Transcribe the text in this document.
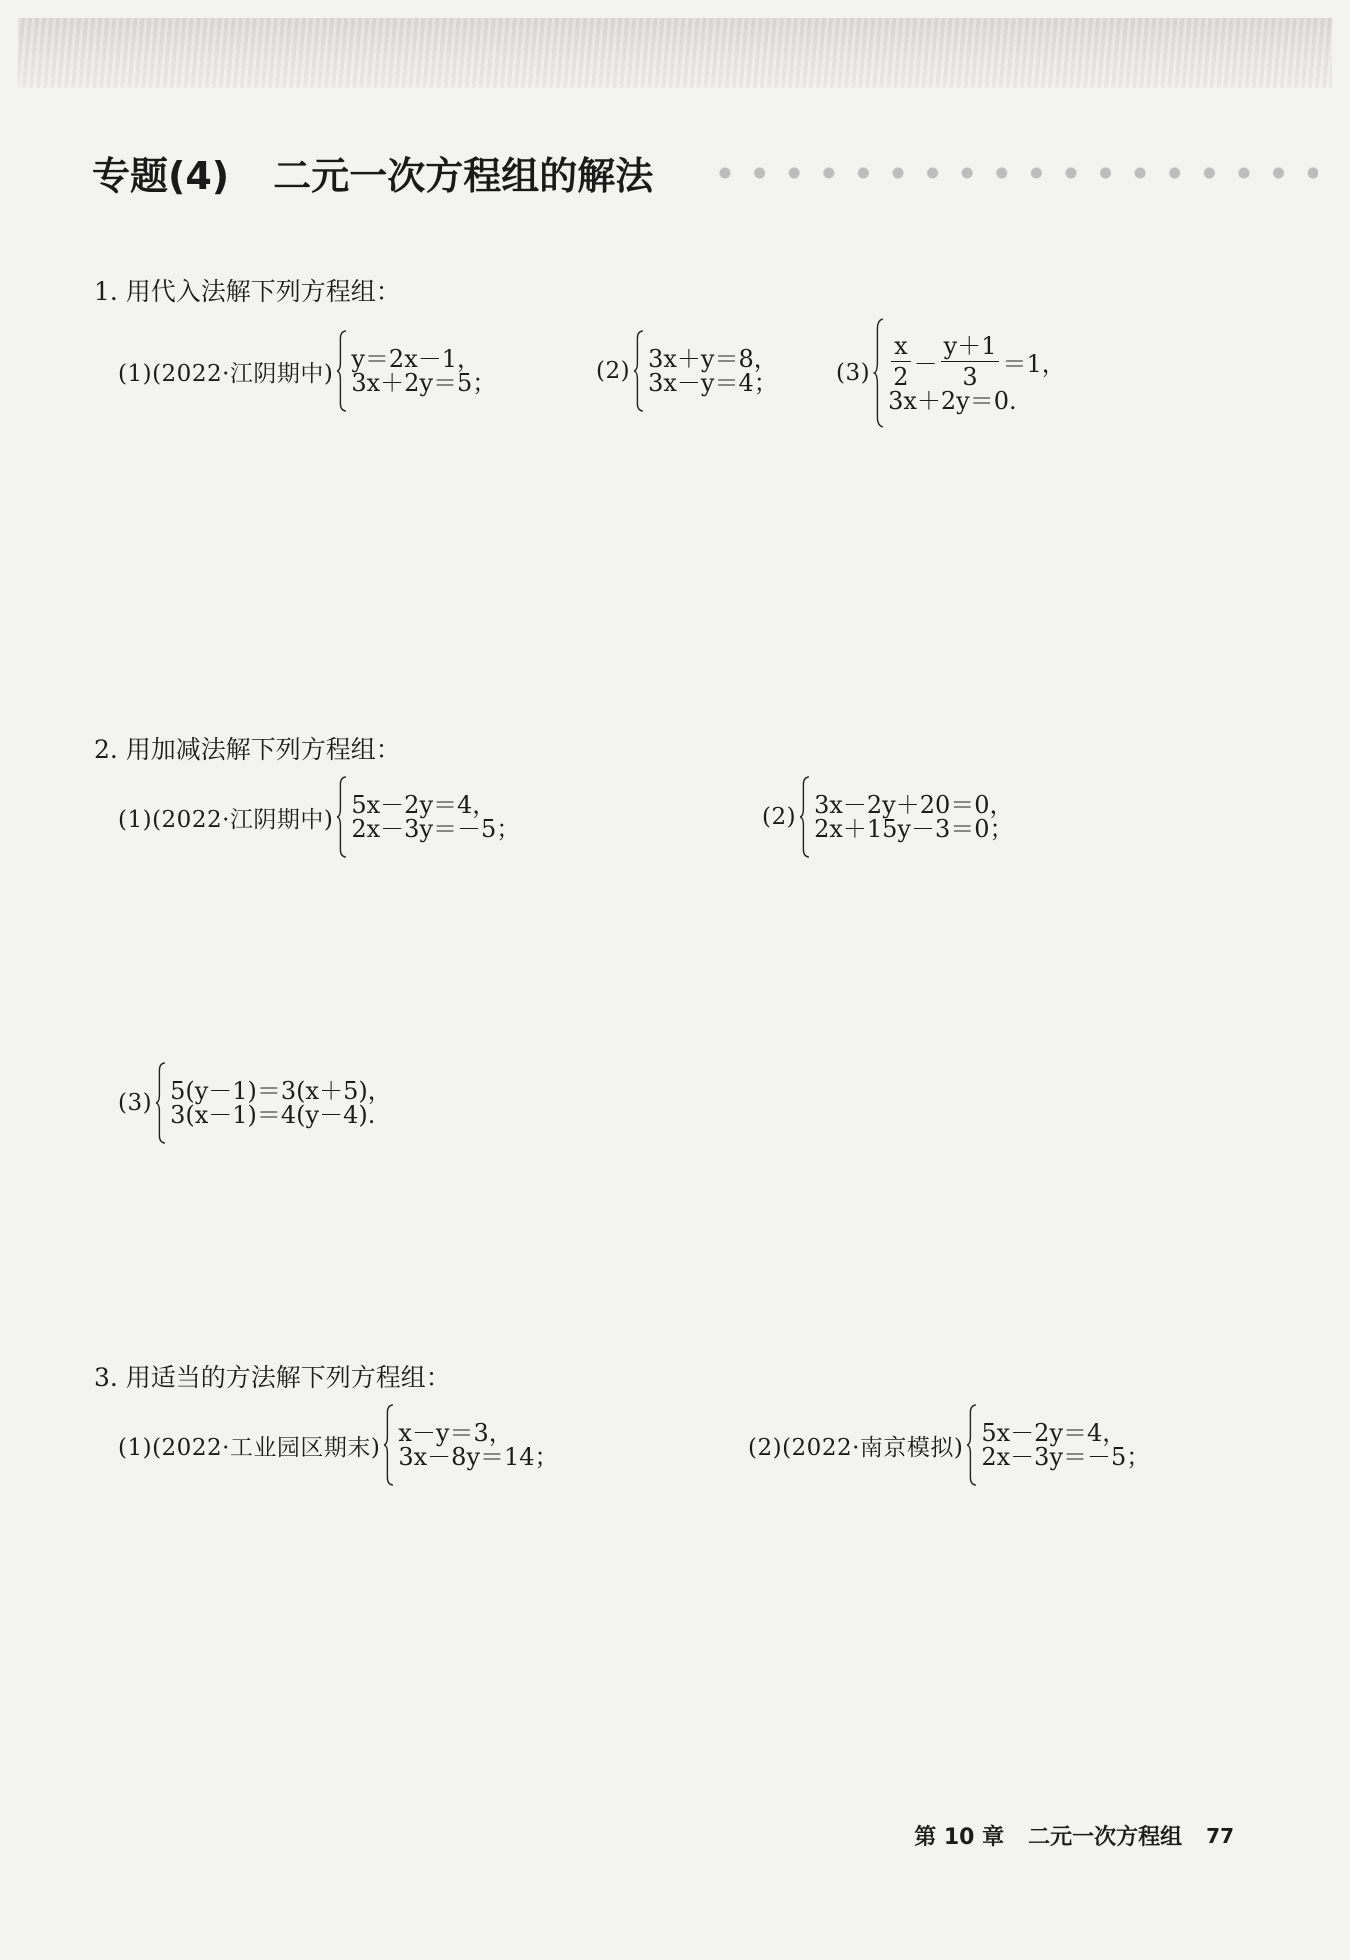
专题(4) 二元一次方程组的解法
1. 用代入法解下列方程组：
(1)(2022·江阴期中)
y＝2x－1，
3x＋2y＝5；	(2) 3x＋y＝8，
3x－y＝4；	$(3) \frac{x}{2} - \frac{y+1}{3} =1$，
3x＋2y＝0.
2. 用加减法解下列方程组：
(1)(2022·江阴期中)
5x－2y＝4，
2x－3y＝－5；	(2) 3x－2y＋20＝0，
2x＋15y－3＝0；
(3) 5(y－1)＝3(x＋5)，
3(x－1)＝4(y－4).
3. 用适当的方法解下列方程组：
(1)(2022·工业园区期末)
x－y＝3，
3x－8y＝14；	(2)(2022·南京模拟)
5x－2y＝4，
2x－3y＝－5；
第 10 章 二元一次方程组 77
